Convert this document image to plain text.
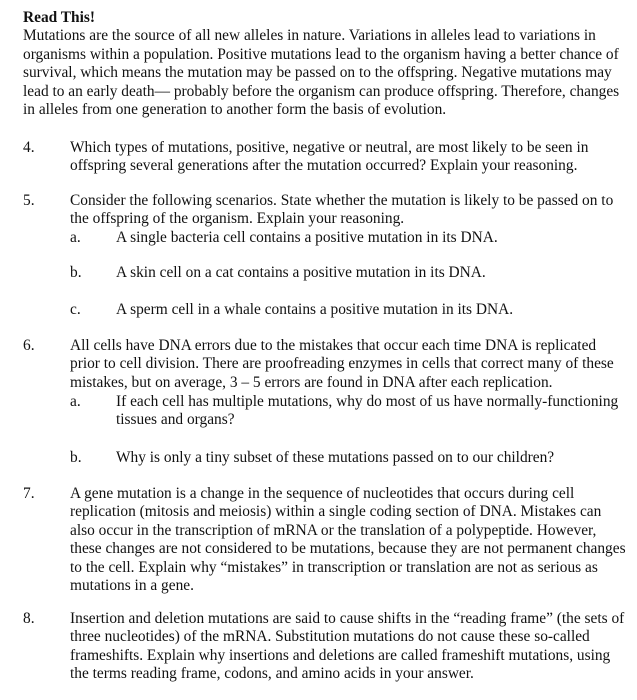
Read This!
Mutations are the source of all new alleles in nature. Variations in alleles lead to variations in organisms within a population. Positive mutations lead to the organism having a better chance of survival, which means the mutation may be passed on to the offspring. Negative mutations may lead to an early death— probably before the organism can produce offspring. Therefore, changes in alleles from one generation to another form the basis of evolution.
4.	Which types of mutations, positive, negative or neutral, are most likely to be seen in offspring several generations after the mutation occurred? Explain your reasoning.
5.	Consider the following scenarios. State whether the mutation is likely to be passed on to the offspring of the organism. Explain your reasoning.
a.	A single bacteria cell contains a positive mutation in its DNA.
b.	A skin cell on a cat contains a positive mutation in its DNA.
c.	A sperm cell in a whale contains a positive mutation in its DNA.
6.	All cells have DNA errors due to the mistakes that occur each time DNA is replicated prior to cell division. There are proofreading enzymes in cells that correct many of these mistakes, but on average, 3 – 5 errors are found in DNA after each replication.
a.	If each cell has multiple mutations, why do most of us have normally-functioning tissues and organs?
b.	Why is only a tiny subset of these mutations passed on to our children?
7.	A gene mutation is a change in the sequence of nucleotides that occurs during cell replication (mitosis and meiosis) within a single coding section of DNA. Mistakes can also occur in the transcription of mRNA or the translation of a polypeptide. However, these changes are not considered to be mutations, because they are not permanent changes to the cell. Explain why “mistakes” in transcription or translation are not as serious as mutations in a gene.
8.	Insertion and deletion mutations are said to cause shifts in the “reading frame” (the sets of three nucleotides) of the mRNA. Substitution mutations do not cause these so-called frameshifts. Explain why insertions and deletions are called frameshift mutations, using the terms reading frame, codons, and amino acids in your answer.
